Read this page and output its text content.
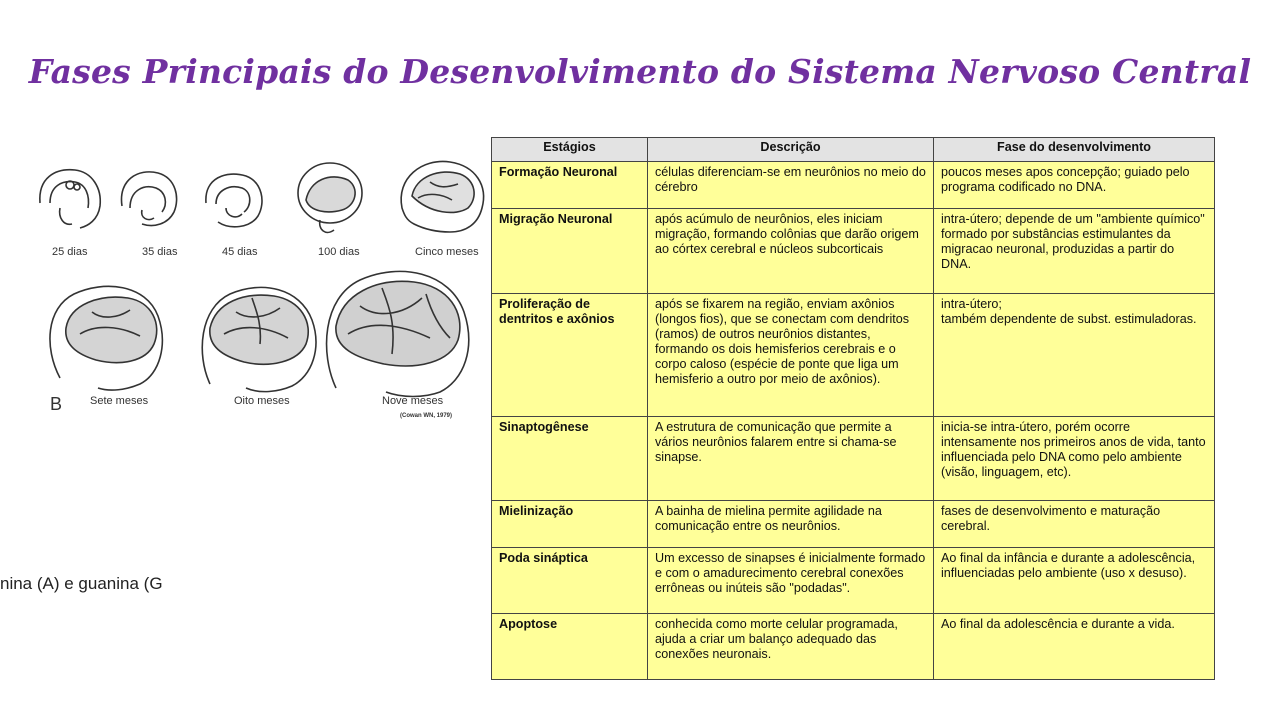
Fases Principais do Desenvolvimento do Sistema Nervoso Central
nina (A) e guanina (G
25 dias	35 dias	45 dias	100 dias	Cinco meses
Sete meses	Oito meses	Nove meses
B
(Cowan WN, 1979)
Estágios	Descrição	Fase do desenvolvimento
Formação Neuronal	células diferenciam-se em neurônios no meio do cérebro	poucos meses apos concepção; guiado pelo programa codificado no DNA.
Migração Neuronal	após acúmulo de neurônios, eles iniciam migração, formando colônias que darão origem ao córtex cerebral e núcleos subcorticais	intra-útero; depende de um "ambiente químico" formado por substâncias estimulantes da migracao neuronal, produzidas a partir do DNA.
Proliferação de dentritos e axônios	após se fixarem na região, enviam axônios (longos fios), que se conectam com dendritos (ramos) de outros neurônios distantes, formando os dois hemisferios cerebrais e o corpo caloso (espécie de ponte que liga um hemisferio a outro por meio de axônios).	intra-útero;
também dependente de subst. estimuladoras.
Sinaptogênese	A estrutura de comunicação que permite a vários neurônios falarem entre si chama-se sinapse.	inicia-se intra-útero, porém ocorre intensamente nos primeiros anos de vida, tanto influenciada pelo DNA como pelo ambiente (visão, linguagem, etc).
Mielinização	A bainha de mielina permite agilidade na comunicação entre os neurônios.	fases de desenvolvimento e maturação cerebral.
Poda sináptica	Um excesso de sinapses é inicialmente formado e com o amadurecimento cerebral conexões errôneas ou inúteis são "podadas".	Ao final da infância e durante a adolescência, influenciadas pelo ambiente (uso x desuso).
Apoptose	conhecida como morte celular programada, ajuda a criar um balanço adequado das conexões neuronais.	Ao final da adolescência e durante a vida.
